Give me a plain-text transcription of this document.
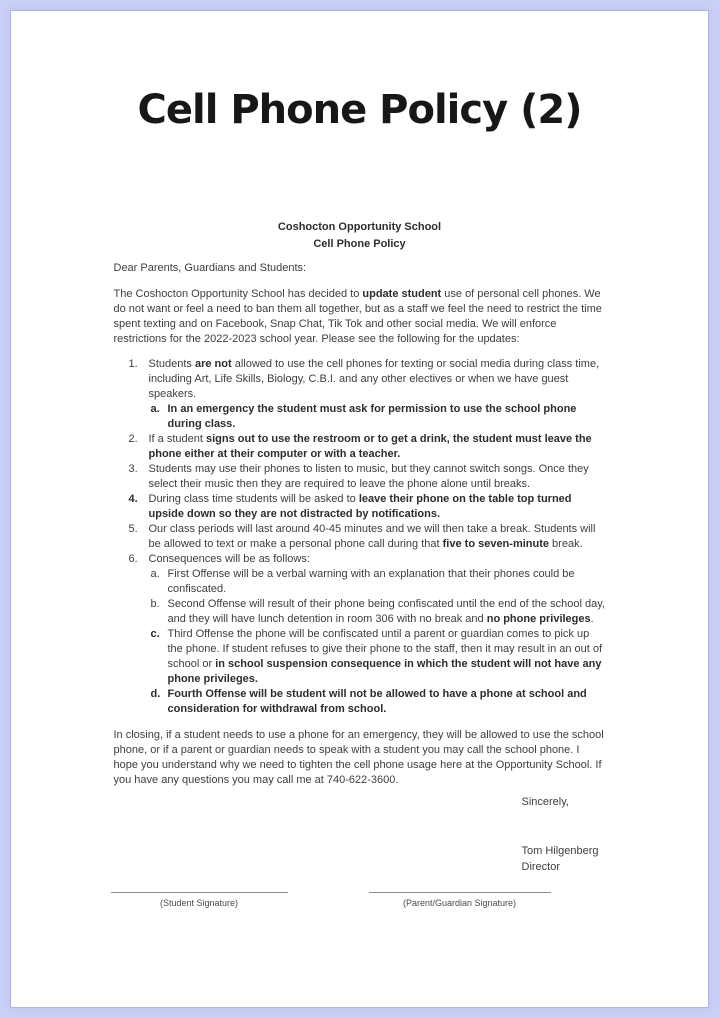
Cell Phone Policy (2)
Coshocton Opportunity School
Cell Phone Policy
Dear Parents, Guardians and Students:
The Coshocton Opportunity School has decided to update student use of personal cell phones. We do not want or feel a need to ban them all together, but as a staff we feel the need to restrict the time spent texting and on Facebook, Snap Chat, Tik Tok and other social media. We will enforce restrictions for the 2022-2023 school year. Please see the following for the updates:
1. Students are not allowed to use the cell phones for texting or social media during class time, including Art, Life Skills, Biology, C.B.I. and any other electives or when we have guest speakers.
a. In an emergency the student must ask for permission to use the school phone during class.
2. If a student signs out to use the restroom or to get a drink, the student must leave the phone either at their computer or with a teacher.
3. Students may use their phones to listen to music, but they cannot switch songs. Once they select their music then they are required to leave the phone alone until breaks.
4. During class time students will be asked to leave their phone on the table top turned upside down so they are not distracted by notifications.
5. Our class periods will last around 40-45 minutes and we will then take a break. Students will be allowed to text or make a personal phone call during that five to seven-minute break.
6. Consequences will be as follows:
a. First Offense will be a verbal warning with an explanation that their phones could be confiscated.
b. Second Offense will result of their phone being confiscated until the end of the school day, and they will have lunch detention in room 306 with no break and no phone privileges.
c. Third Offense the phone will be confiscated until a parent or guardian comes to pick up the phone. If student refuses to give their phone to the staff, then it may result in an out of school or in school suspension consequence in which the student will not have any phone privileges.
d. Fourth Offense will be student will not be allowed to have a phone at school and consideration for withdrawal from school.
In closing, if a student needs to use a phone for an emergency, they will be allowed to use the school phone, or if a parent or guardian needs to speak with a student you may call the school phone. I hope you understand why we need to tighten the cell phone usage here at the Opportunity School. If you have any questions you may call me at 740-622-3600.
Sincerely,
Tom Hilgenberg
Director
(Student Signature)	(Parent/Guardian Signature)
